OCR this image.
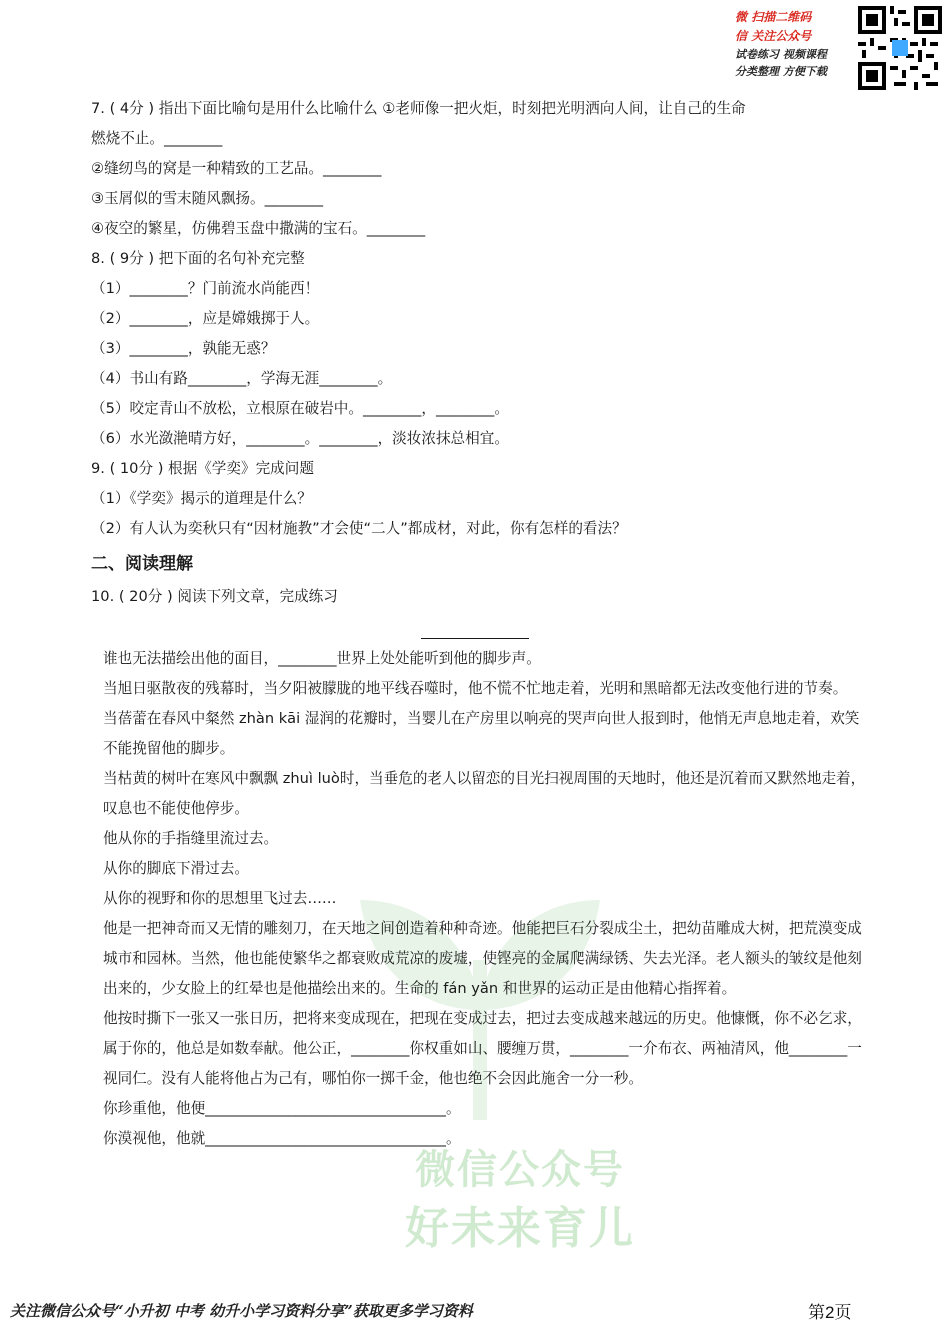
微信公众号
好未来育儿
微 扫描二维码
信 关注公众号
试卷练习 视频课程
分类整理 方便下载
7. ( 4分 ) 指出下面比喻句是用什么比喻什么 ①老师像一把火炬，时刻把光明洒向人间，让自己的生命
燃烧不止。________
②缝纫鸟的窝是一种精致的工艺品。________
③玉屑似的雪末随风飘扬。________
④夜空的繁星，仿佛碧玉盘中撒满的宝石。________
8. ( 9分 ) 把下面的名句补充完整
（1）________？门前流水尚能西！
（2）________，应是嫦娥掷于人。
（3）________，孰能无惑？
（4）书山有路________，学海无涯________。
（5）咬定青山不放松，立根原在破岩中。________，________。
（6）水光潋滟晴方好，________。________，淡妆浓抹总相宜。
9. ( 10分 ) 根据《学奕》完成问题
（1）《学奕》揭示的道理是什么？
（2）有人认为奕秋只有“因材施教”才会使“二人”都成材，对此，你有怎样的看法？
二、阅读理解
10. ( 20分 ) 阅读下列文章，完成练习
谁也无法描绘出他的面目，________世界上处处能听到他的脚步声。
当旭日驱散夜的残幕时，当夕阳被朦胧的地平线吞噬时，他不慌不忙地走着，光明和黑暗都无法改变他行进的节奏。
当蓓蕾在春风中粲然 zhàn kāi 湿润的花瓣时，当婴儿在产房里以响亮的哭声向世人报到时，他悄无声息地走着，欢笑不能挽留他的脚步。
当枯黄的树叶在寒风中飘飘 zhuì luò时，当垂危的老人以留恋的目光扫视周围的天地时，他还是沉着而又默然地走着，叹息也不能使他停步。
他从你的手指缝里流过去。
从你的脚底下滑过去。
从你的视野和你的思想里飞过去……
他是一把神奇而又无情的雕刻刀，在天地之间创造着种种奇迹。他能把巨石分裂成尘土，把幼苗雕成大树，把荒漠变成城市和园林。当然，他也能使繁华之都衰败成荒凉的废墟，使铿亮的金属爬满绿锈、失去光泽。老人额头的皱纹是他刻出来的，少女脸上的红晕也是他描绘出来的。生命的 fán yǎn 和世界的运动正是由他精心指挥着。
他按时撕下一张又一张日历，把将来变成现在，把现在变成过去，把过去变成越来越远的历史。他慷慨，你不必乞求，属于你的，他总是如数奉献。他公正，________你权重如山、腰缠万贯，________一介布衣、两袖清风，他________一视同仁。没有人能将他占为己有，哪怕你一掷千金，他也绝不会因此施舍一分一秒。
你珍重他，他便_________________________________。
你漠视他，他就_________________________________。
关注微信公众号“小升初 中考 幼升小学习资料分享”获取更多学习资料	第2页
